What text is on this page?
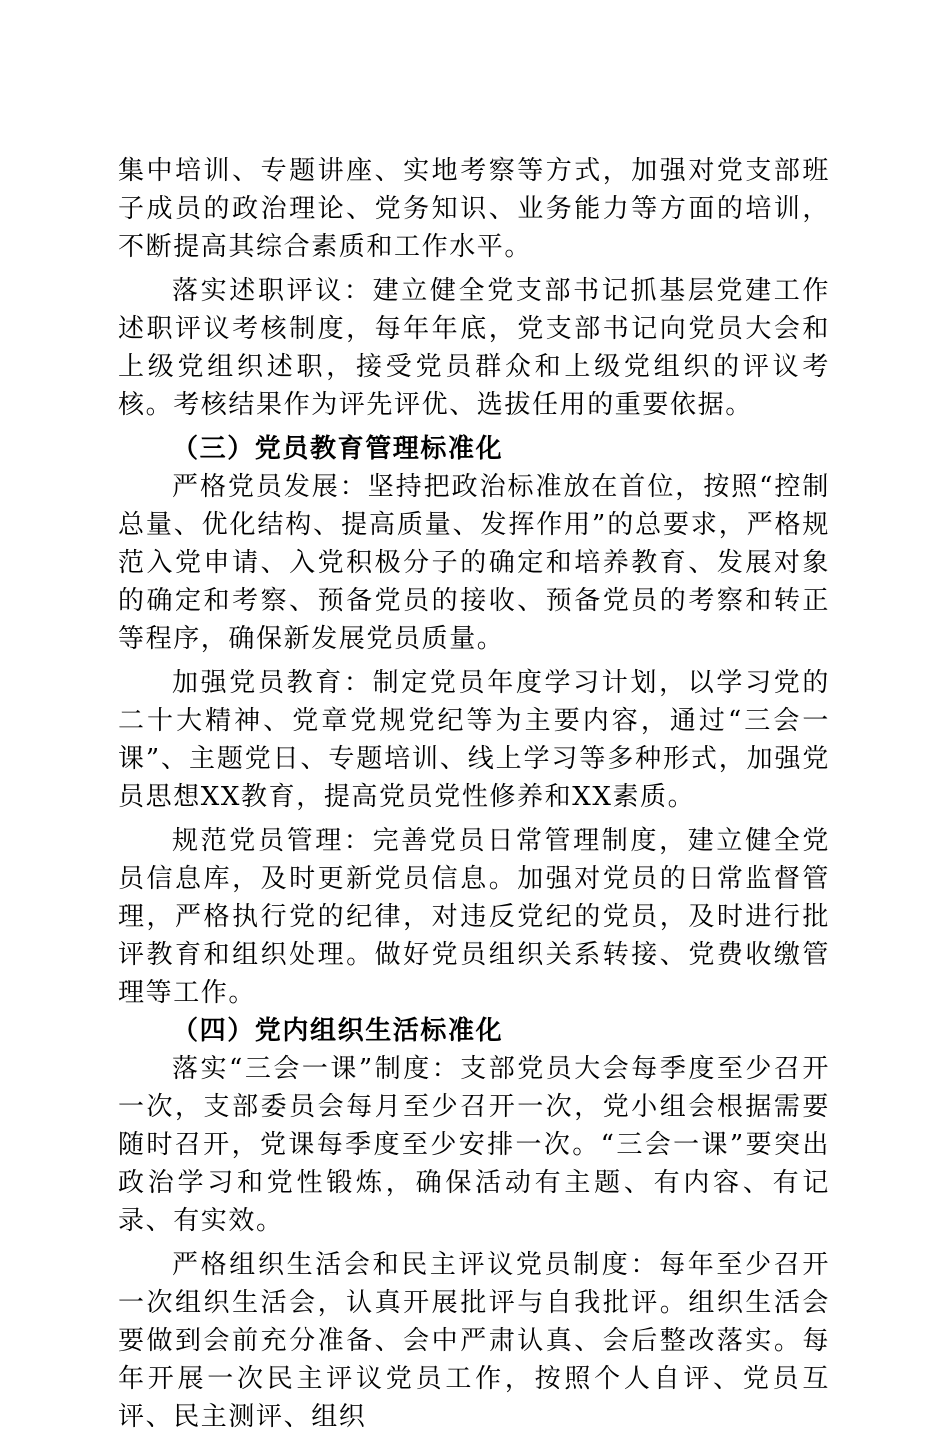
集中培训、专题讲座、实地考察等方式，加强对党支部班子成员的政治理论、党务知识、业务能力等方面的培训，不断提高其综合素质和工作水平。

落实述职评议：建立健全党支部书记抓基层党建工作述职评议考核制度，每年年底，党支部书记向党员大会和上级党组织述职，接受党员群众和上级党组织的评议考核。考核结果作为评先评优、选拔任用的重要依据。

（三）党员教育管理标准化

严格党员发展：坚持把政治标准放在首位，按照“控制总量、优化结构、提高质量、发挥作用”的总要求，严格规范入党申请、入党积极分子的确定和培养教育、发展对象的确定和考察、预备党员的接收、预备党员的考察和转正等程序，确保新发展党员质量。

加强党员教育：制定党员年度学习计划，以学习党的二十大精神、党章党规党纪等为主要内容，通过“三会一课”、主题党日、专题培训、线上学习等多种形式，加强党员思想XX教育，提高党员党性修养和XX素质。

规范党员管理：完善党员日常管理制度，建立健全党员信息库，及时更新党员信息。加强对党员的日常监督管理，严格执行党的纪律，对违反党纪的党员，及时进行批评教育和组织处理。做好党员组织关系转接、党费收缴管理等工作。

（四）党内组织生活标准化

落实“三会一课”制度：支部党员大会每季度至少召开一次，支部委员会每月至少召开一次，党小组会根据需要随时召开，党课每季度至少安排一次。“三会一课”要突出政治学习和党性锻炼，确保活动有主题、有内容、有记录、有实效。

严格组织生活会和民主评议党员制度：每年至少召开一次组织生活会，认真开展批评与自我批评。组织生活会要做到会前充分准备、会中严肃认真、会后整改落实。每年开展一次民主评议党员工作，按照个人自评、党员互评、民主测评、组织
